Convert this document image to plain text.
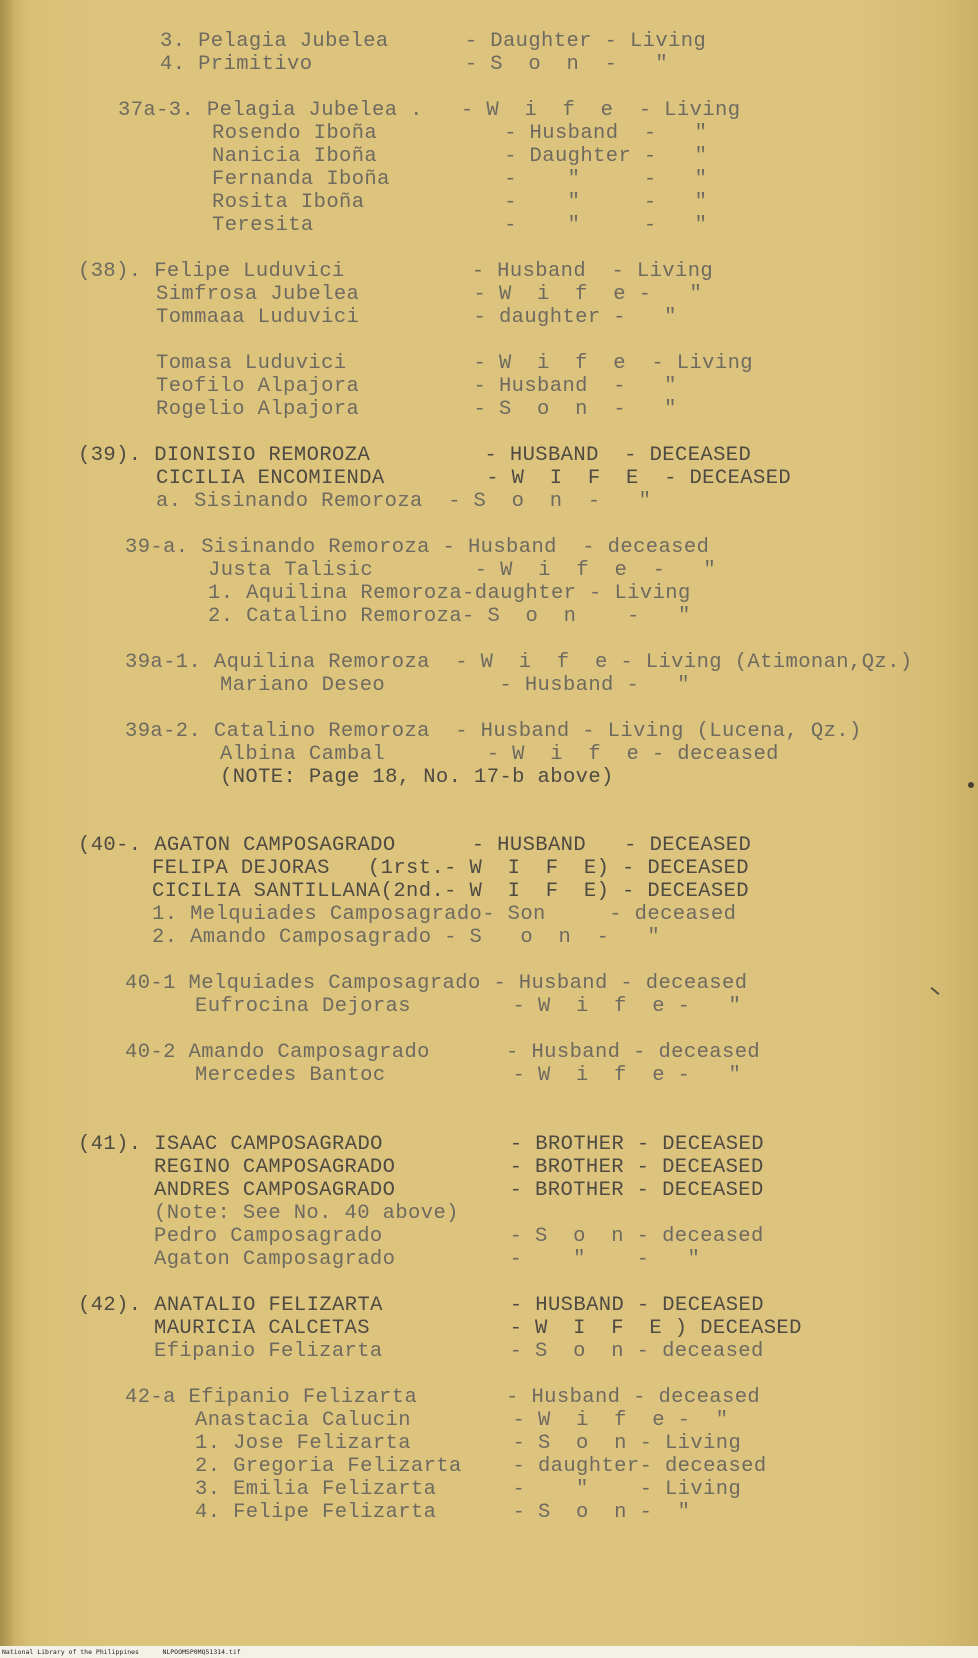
3. Pelagia Jubelea      - Daughter - Living
4. Primitivo            - S  o  n  -   "
37a-3. Pelagia Jubelea .   - W  i  f  e  - Living
Rosendo Iboña          - Husband  -   "
Nanicia Iboña          - Daughter -   "
Fernanda Iboña         -    "     -   "
Rosita Iboña           -    "     -   "
Teresita               -    "     -   "
(38). Felipe Luduvici          - Husband  - Living
Simfrosa Jubelea         - W  i  f  e -   "
Tommaaa Luduvici         - daughter -   "
Tomasa Luduvici          - W  i  f  e  - Living
Teofilo Alpajora         - Husband  -   "
Rogelio Alpajora         - S  o  n  -   "
(39). DIONISIO REMOROZA         - HUSBAND  - DECEASED
CICILIA ENCOMIENDA        - W  I  F  E  - DECEASED
a. Sisinando Remoroza  - S  o  n  -   "
39-a. Sisinando Remoroza - Husband  - deceased
Justa Talisic        - W  i  f  e  -   "
1. Aquilina Remoroza-daughter - Living
2. Catalino Remoroza- S  o  n    -   "
39a-1. Aquilina Remoroza  - W  i  f  e - Living (Atimonan,Qz.)
Mariano Deseo         - Husband -   "
39a-2. Catalino Remoroza  - Husband - Living (Lucena, Qz.)
Albina Cambal        - W  i  f  e - deceased
(NOTE: Page 18, No. 17-b above)
(40-. AGATON CAMPOSAGRADO      - HUSBAND   - DECEASED
FELIPA DEJORAS   (1rst.- W  I  F  E) - DECEASED
CICILIA SANTILLANA(2nd.- W  I  F  E) - DECEASED
1. Melquiades Camposagrado- Son     - deceased
2. Amando Camposagrado - S   o  n  -   "
40-1 Melquiades Camposagrado - Husband - deceased
Eufrocina Dejoras        - W  i  f  e -   "
40-2 Amando Camposagrado      - Husband - deceased
Mercedes Bantoc          - W  i  f  e -   "
(41). ISAAC CAMPOSAGRADO          - BROTHER - DECEASED
REGINO CAMPOSAGRADO         - BROTHER - DECEASED
ANDRES CAMPOSAGRADO         - BROTHER - DECEASED
(Note: See No. 40 above)
Pedro Camposagrado          - S  o  n - deceased
Agaton Camposagrado         -    "    -   "
(42). ANATALIO FELIZARTA          - HUSBAND - DECEASED
MAURICIA CALCETAS           - W  I  F  E ) DECEASED
Efipanio Felizarta          - S  o  n - deceased
42-a Efipanio Felizarta       - Husband - deceased
Anastacia Calucin        - W  i  f  e -  "
1. Jose Felizarta        - S  o  n - Living
2. Gregoria Felizarta    - daughter- deceased
3. Emilia Felizarta      -    "    - Living
4. Felipe Felizarta      - S  o  n -  "
National Library of the Philippines      NLPOOMSP0MQ51314.tif
